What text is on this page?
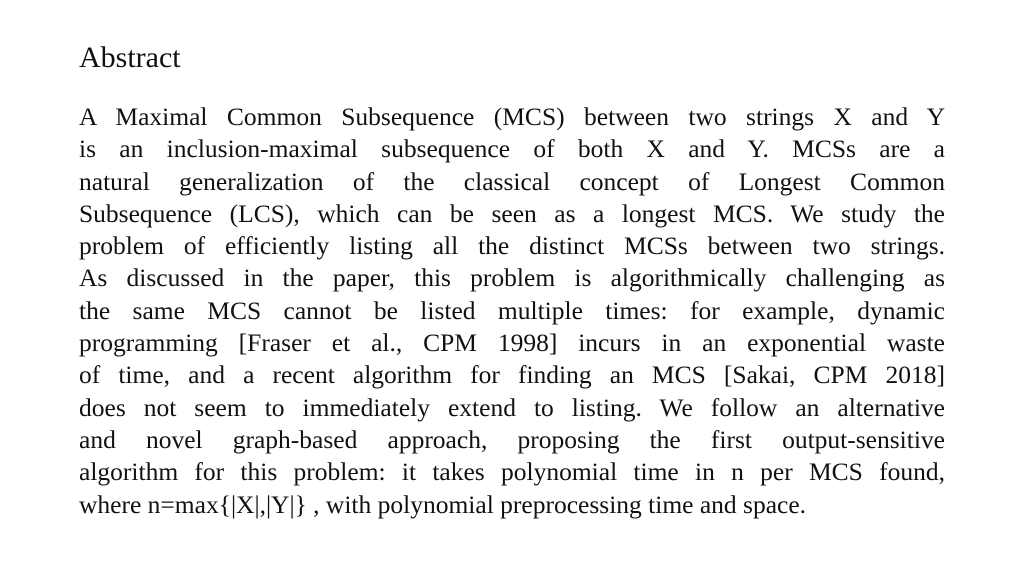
Abstract
A Maximal Common Subsequence (MCS) between two strings X and Y
is an inclusion-maximal subsequence of both X and Y. MCSs are a
natural generalization of the classical concept of Longest Common
Subsequence (LCS), which can be seen as a longest MCS. We study the
problem of efficiently listing all the distinct MCSs between two strings.
As discussed in the paper, this problem is algorithmically challenging as
the same MCS cannot be listed multiple times: for example, dynamic
programming [Fraser et al., CPM 1998] incurs in an exponential waste
of time, and a recent algorithm for finding an MCS [Sakai, CPM 2018]
does not seem to immediately extend to listing. We follow an alternative
and novel graph-based approach, proposing the first output-sensitive
algorithm for this problem: it takes polynomial time in n per MCS found,
where n=max{|X|,|Y|} , with polynomial preprocessing time and space.
